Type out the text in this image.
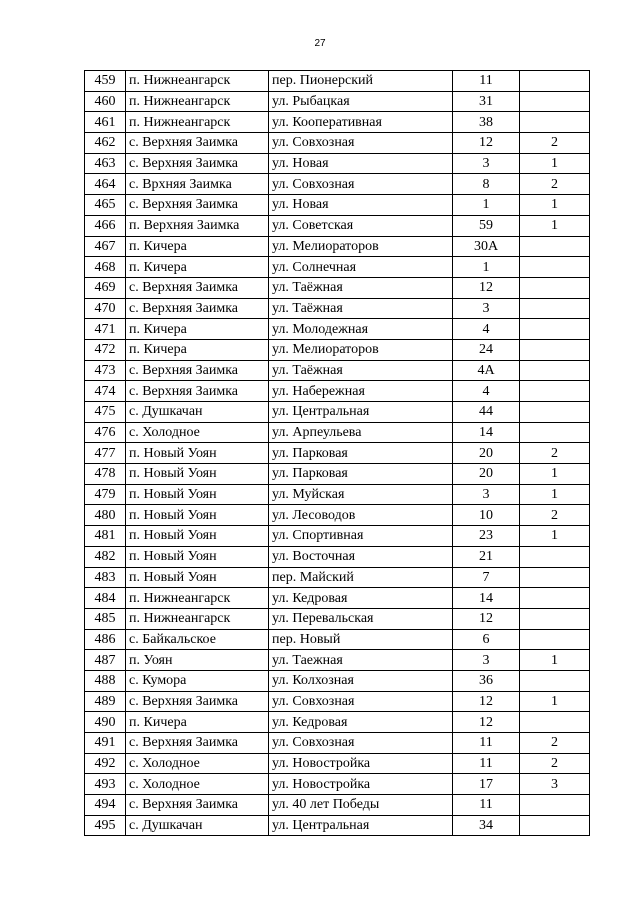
27
459	п. Нижнеангарск	пер. Пионерский	11	
460	п. Нижнеангарск	ул. Рыбацкая	31	
461	п. Нижнеангарск	ул. Кооперативная	38	
462	с. Верхняя Заимка	ул. Совхозная	12	2
463	с. Верхняя Заимка	ул. Новая	3	1
464	с. Врхняя Заимка	ул. Совхозная	8	2
465	с. Верхняя Заимка	ул. Новая	1	1
466	п. Верхняя Заимка	ул. Советская	59	1
467	п. Кичера	ул. Мелиораторов	30А	
468	п. Кичера	ул. Солнечная	1	
469	с. Верхняя Заимка	ул. Таёжная	12	
470	с. Верхняя Заимка	ул. Таёжная	3	
471	п. Кичера	ул. Молодежная	4	
472	п. Кичера	ул. Мелиораторов	24	
473	с. Верхняя Заимка	ул. Таёжная	4А	
474	с. Верхняя Заимка	ул. Набережная	4	
475	с. Душкачан	ул. Центральная	44	
476	с. Холодное	ул. Арпеульева	14	
477	п. Новый Уоян	ул. Парковая	20	2
478	п. Новый Уоян	ул. Парковая	20	1
479	п. Новый Уоян	ул. Муйская	3	1
480	п. Новый Уоян	ул. Лесоводов	10	2
481	п. Новый Уоян	ул. Спортивная	23	1
482	п. Новый Уоян	ул. Восточная	21	
483	п. Новый Уоян	пер. Майский	7	
484	п. Нижнеангарск	ул. Кедровая	14	
485	п. Нижнеангарск	ул. Перевальская	12	
486	с. Байкальское	пер. Новый	6	
487	п. Уоян	ул. Таежная	3	1
488	с. Кумора	ул. Колхозная	36	
489	с. Верхняя Заимка	ул. Совхозная	12	1
490	п. Кичера	ул. Кедровая	12	
491	с. Верхняя Заимка	ул. Совхозная	11	2
492	с. Холодное	ул. Новостройка	11	2
493	с. Холодное	ул. Новостройка	17	3
494	с. Верхняя Заимка	ул. 40 лет Победы	11	
495	с. Душкачан	ул. Центральная	34	
